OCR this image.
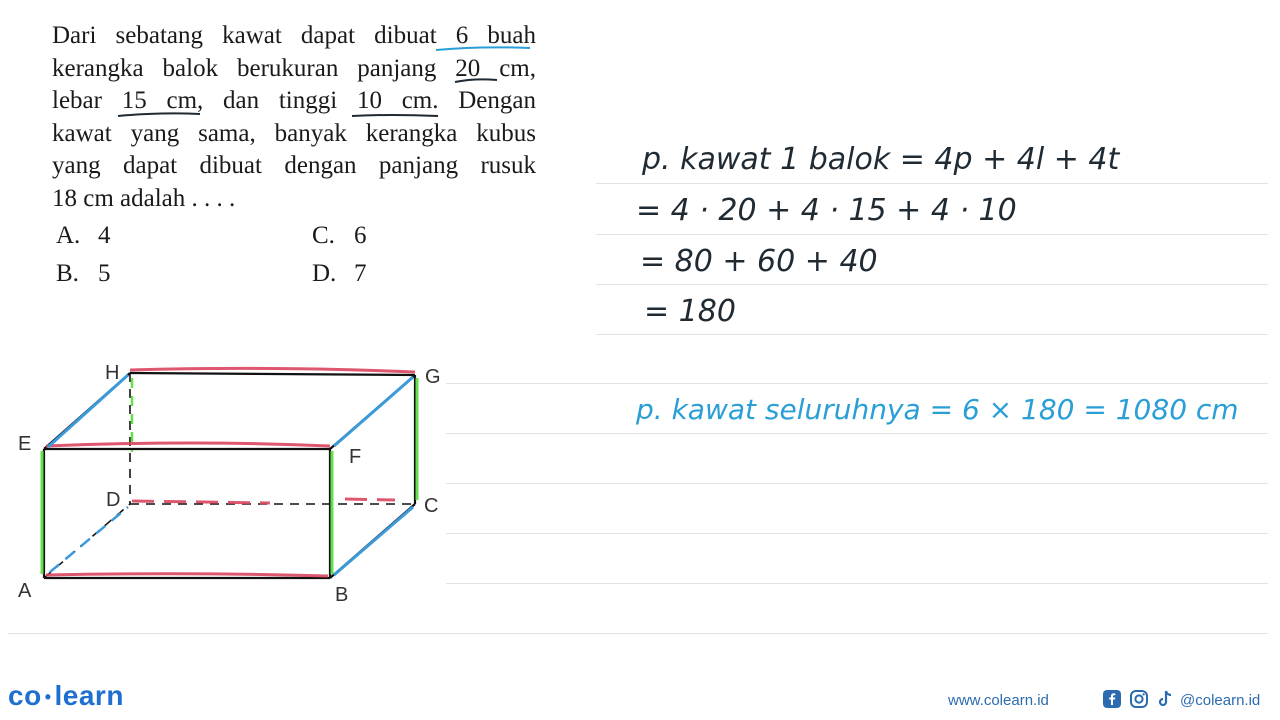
Dari sebatang kawat dapat dibuat 6 buah
kerangka balok berukuran panjang 20 cm,
lebar 15 cm, dan tinggi 10 cm. Dengan
kawat yang sama, banyak kerangka kubus
yang dapat dibuat dengan panjang rusuk
18 cm adalah . . . .
A. 4
B. 5
C. 6
D. 7
p. kawat 1 balok = 4p + 4l + 4t
= 4 · 20 + 4 · 15 + 4 · 10
= 80 + 60 + 40
= 180
p. kawat seluruhnya = 6 × 180 = 1080 cm
H	G
E
F
D	C
A	B
co • learn	www.colearn.id	@colearn.id
